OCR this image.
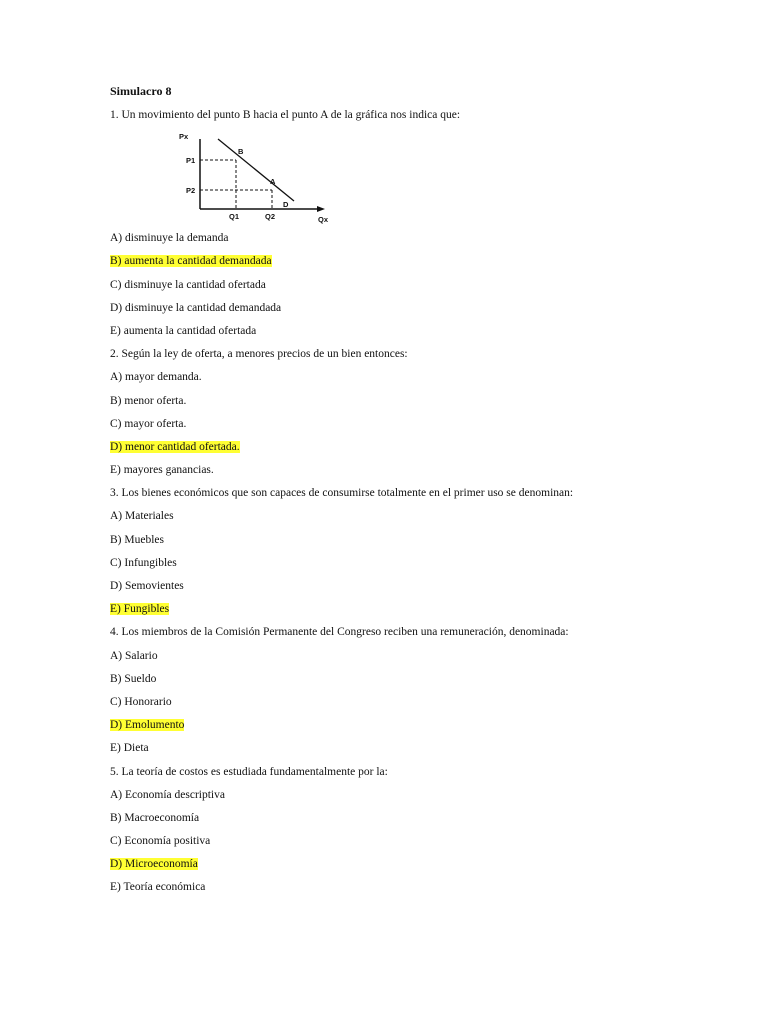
Simulacro 8
1. Un movimiento del punto B hacia el punto A de la gráfica nos indica que:
Px
Qx
P1
P2
Q1	Q2
B
A
D
A) disminuye la demanda
B) aumenta la cantidad demandada
C) disminuye la cantidad ofertada
D) disminuye la cantidad demandada
E) aumenta la cantidad ofertada
2. Según la ley de oferta, a menores precios de un bien entonces:
A) mayor demanda.
B) menor oferta.
C) mayor oferta.
D) menor cantidad ofertada.
E) mayores ganancias.
3. Los bienes económicos que son capaces de consumirse totalmente en el primer uso se denominan:
A) Materiales
B) Muebles
C) Infungibles
D) Semovientes
E) Fungibles
4. Los miembros de la Comisión Permanente del Congreso reciben una remuneración, denominada:
A) Salario
B) Sueldo
C) Honorario
D) Emolumento
E) Dieta
5. La teoría de costos es estudiada fundamentalmente por la:
A) Economía descriptiva
B) Macroeconomía
C) Economía positiva
D) Microeconomía
E) Teoría económica
